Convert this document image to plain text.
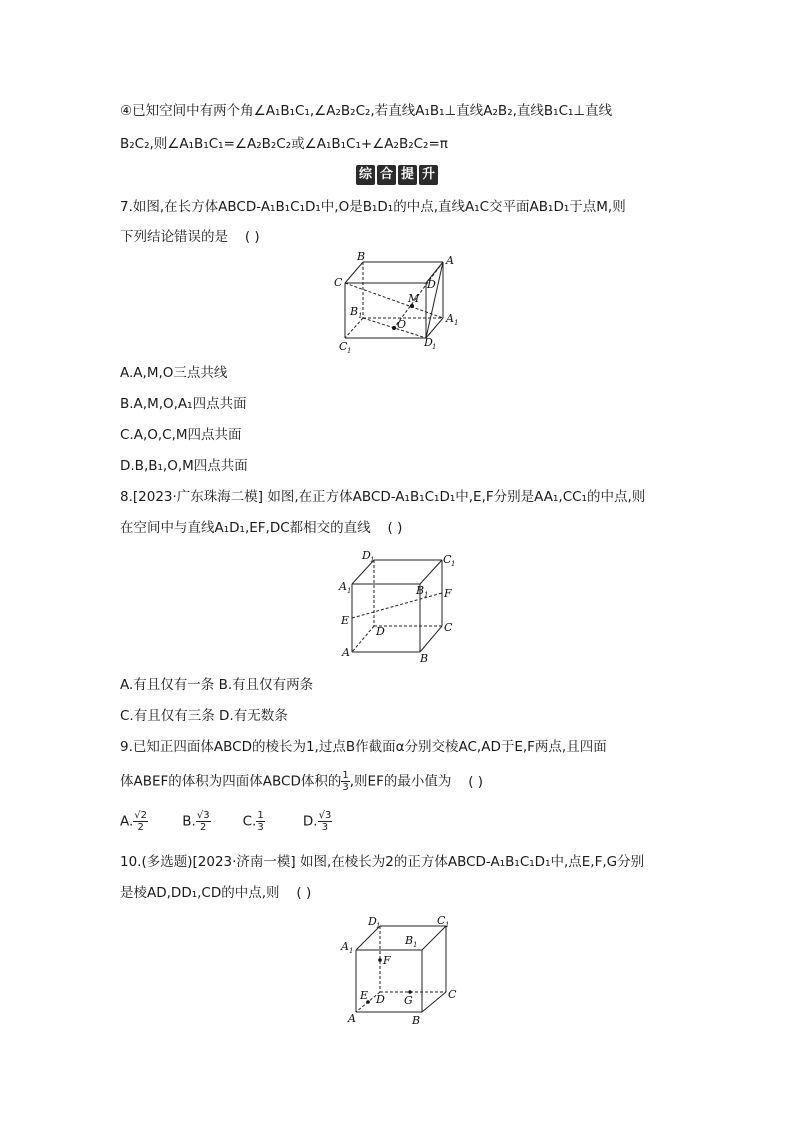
④已知空间中有两个角∠A₁B₁C₁,∠A₂B₂C₂,若直线A₁B₁⊥直线A₂B₂,直线B₁C₁⊥直线
B₂C₂,则∠A₁B₁C₁=∠A₂B₂C₂或∠A₁B₁C₁+∠A₂B₂C₂=π
综 合 提 升
7.如图,在长方体ABCD-A₁B₁C₁D₁中,O是B₁D₁的中点,直线A₁C交平面AB₁D₁于点M,则
下列结论错误的是 ( )
B	A
C	D
M
B 1
O	A 1
C 1
D 1
A.A,M,O三点共线
B.A,M,O,A₁四点共面
C.A,O,C,M四点共面
D.B,B₁,O,M四点共面
8.[2023·广东珠海二模] 如图,在正方体ABCD-A₁B₁C₁D₁中,E,F分别是AA₁,CC₁的中点,则
在空间中与直线A₁D₁,EF,DC都相交的直线 ( )
D 1	C 1
A 1	B 1 F
E
D	C
A	B
A.有且仅有一条 B.有且仅有两条
C.有且仅有三条 D.有无数条
9.已知正四面体ABCD的棱长为1,过点B作截面α分别交棱AC,AD于E,F两点,且四面
体ABEF的体积为四面体ABCD体积的 $\frac{1}{3}$ ,则EF的最小值为 ( )
A. $\frac{√2}{2}$	B. $\frac{√3}{2} C$. $\frac{1}{3}$	D. $\frac{√3}{3}$
10.(多选题)[2023·济南一模] 如图,在棱长为2的正方体ABCD-A₁B₁C₁D₁中,点E,F,G分别
是棱AD,DD₁,CD的中点,则 ( )
D 1	C 1
A 1
B 1
F
E D G	C
A	B
